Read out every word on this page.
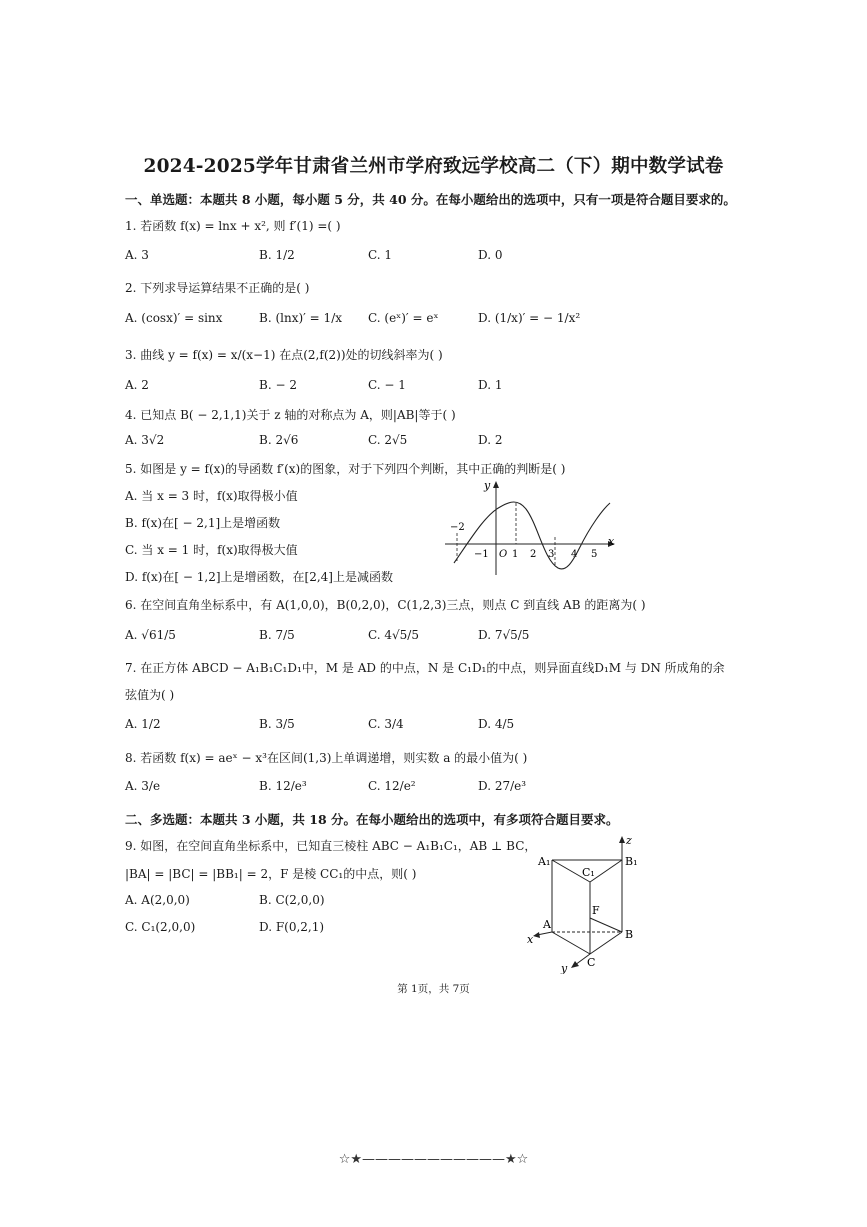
2024-2025学年甘肃省兰州市学府致远学校高二（下）期中数学试卷
一、单选题：本题共 8 小题，每小题 5 分，共 40 分。在每小题给出的选项中，只有一项是符合题目要求的。
1. 若函数 f(x) = lnx + x², 则 f′(1) =( )
A. 3	B. 1/2	C. 1	D. 0
2. 下列求导运算结果不正确的是( )
A. (cosx)′ = sinx	B. (lnx)′ = 1/x C. (eˣ)′ = eˣ	D. (1/x)′ = − 1/x²
3. 曲线 y = f(x) = x/(x−1) 在点(2,f(2))处的切线斜率为( )
A. 2	B. − 2	C. − 1	D. 1
4. 已知点 B( − 2,1,1)关于 z 轴的对称点为 A，则|AB|等于( )
A. 3√2	B. 2√6	C. 2√5	D. 2
5. 如图是 y = f(x)的导函数 f′(x)的图象，对于下列四个判断，其中正确的判断是( )
A. 当 x = 3 时，f(x)取得极小值
B. f(x)在[ − 2,1]上是增函数
C. 当 x = 1 时，f(x)取得极大值
D. f(x)在[ − 1,2]上是增函数，在[2,4]上是减函数
y
x
O
−2
−1 1 2 3 4 5
6. 在空间直角坐标系中，有 A(1,0,0)，B(0,2,0)，C(1,2,3)三点，则点 C 到直线 AB 的距离为( )
A. √61/5	B. 7/5	C. 4√5/5	D. 7√5/5
7. 在正方体 ABCD − A₁B₁C₁D₁中，M 是 AD 的中点，N 是 C₁D₁的中点，则异面直线D₁M 与 DN 所成角的余
弦值为( )
A. 1/2	B. 3/5	C. 3/4	D. 4/5
8. 若函数 f(x) = aeˣ − x³在区间(1,3)上单调递增，则实数 a 的最小值为( )
A. 3/e	B. 12/e³	C. 12/e²	D. 27/e³
二、多选题：本题共 3 小题，共 18 分。在每小题给出的选项中，有多项符合题目要求。
9. 如图，在空间直角坐标系中，已知直三棱柱 ABC − A₁B₁C₁，AB ⊥ BC，
|BA| = |BC| = |BB₁| = 2，F 是棱 CC₁的中点，则( )
A. A(2,0,0)	B. C(2,0,0)
C. C₁(2,0,0)	D. F(0,2,1)
z
x
y
A₁
C₁
B₁
F
A
B
C
第 1页，共 7页
☆★———————————★☆
